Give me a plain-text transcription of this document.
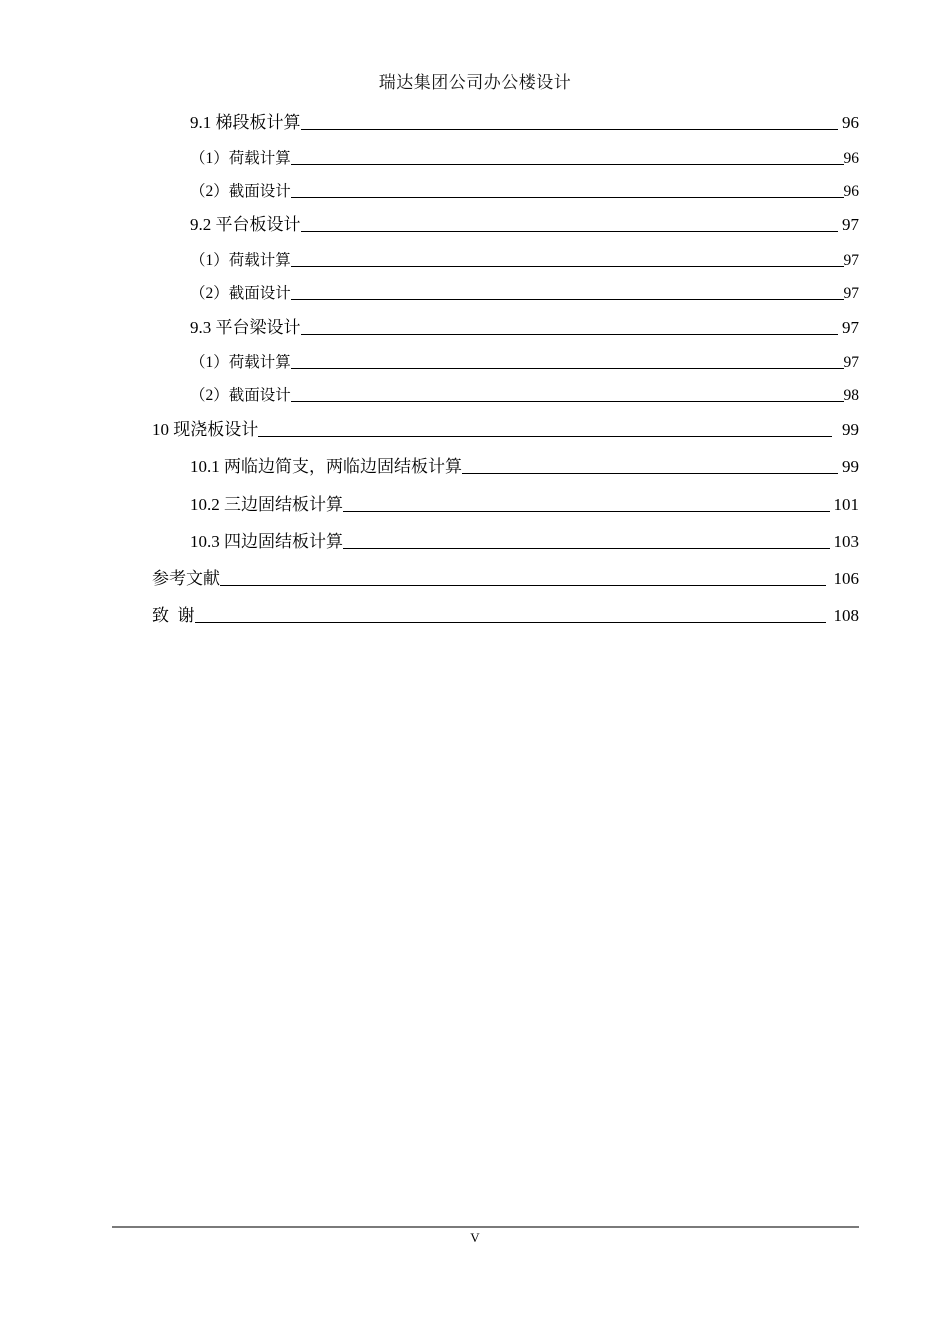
瑞达集团公司办公楼设计
9.1 梯段板计算	96
（1）荷载计算	96
（2）截面设计	96
9.2 平台板设计	97
（1）荷载计算	97
（2）截面设计	97
9.3 平台梁设计	97
（1）荷载计算	97
（2）截面设计	98
10 现浇板设计	99
10.1 两临边简支，两临边固结板计算	99
10.2 三边固结板计算	101
10.3 四边固结板计算	103
参考文献	106
致  谢	108
V
